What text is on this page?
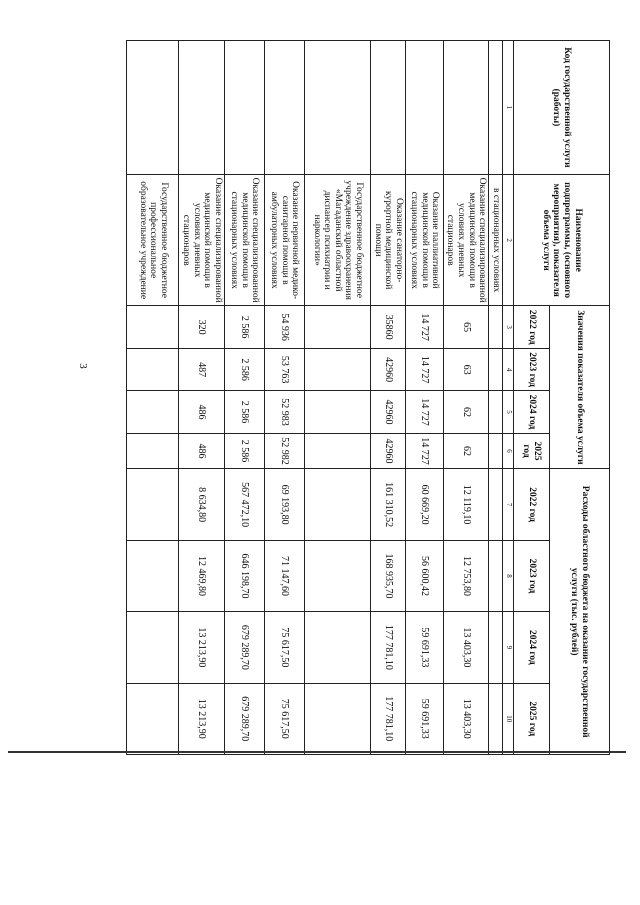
3
Код государственной услуги (работы)	Наименование подпрограммы, (основного мероприятия), показателя объема услуги	Значения показателя объема услуги				Расходы областного бюджета на оказание государственной услуги (тыс. рублей)			
		2022 год	2023 год	2024 год	2025 год	2022 год	2023 год	2024 год	2025 год
1	2	3	4	5	6	7	8	9	10
	в стационарных условиях								
	Оказание специализированной медицинской помощи в условиях дневных стационаров	65	63	62	62	12 119,10	12 753,80	13 403,30	13 403,30
	Оказание паллиативной медицинской помощи в стационарных условиях	14 727	14 727	14 727	14 727	60 669,20	56 600,42	59 691,33	59 691,33
	Оказание санаторно-курортной медицинской помощи	35860	42960	42960	42960	161 310,52	168 935,70	177 781,10	177 781,10
	Государственное бюджетное учреждение здравоохранения «Магаданский областной диспансер психиатрии и наркологии»								
	Оказание первичной медико-санитарной помощи в амбулаторных условиях	54 936	53 763	52 983	52 982	69 193,80	71 147,60	75 617,50	75 617,50
	Оказание специализированной медицинской помощи в стационарных условиях	2 586	2 586	2 586	2 586	567 472,10	646 198,70	679 289,70	679 289,70
	Оказание специализированной медицинской помощи в условиях дневных стационаров	320	487	486	486	8 634,80	12 469,80	13 213,90	13 213,90
	Государственное бюджетное профессиональное образовательное учреждение								
